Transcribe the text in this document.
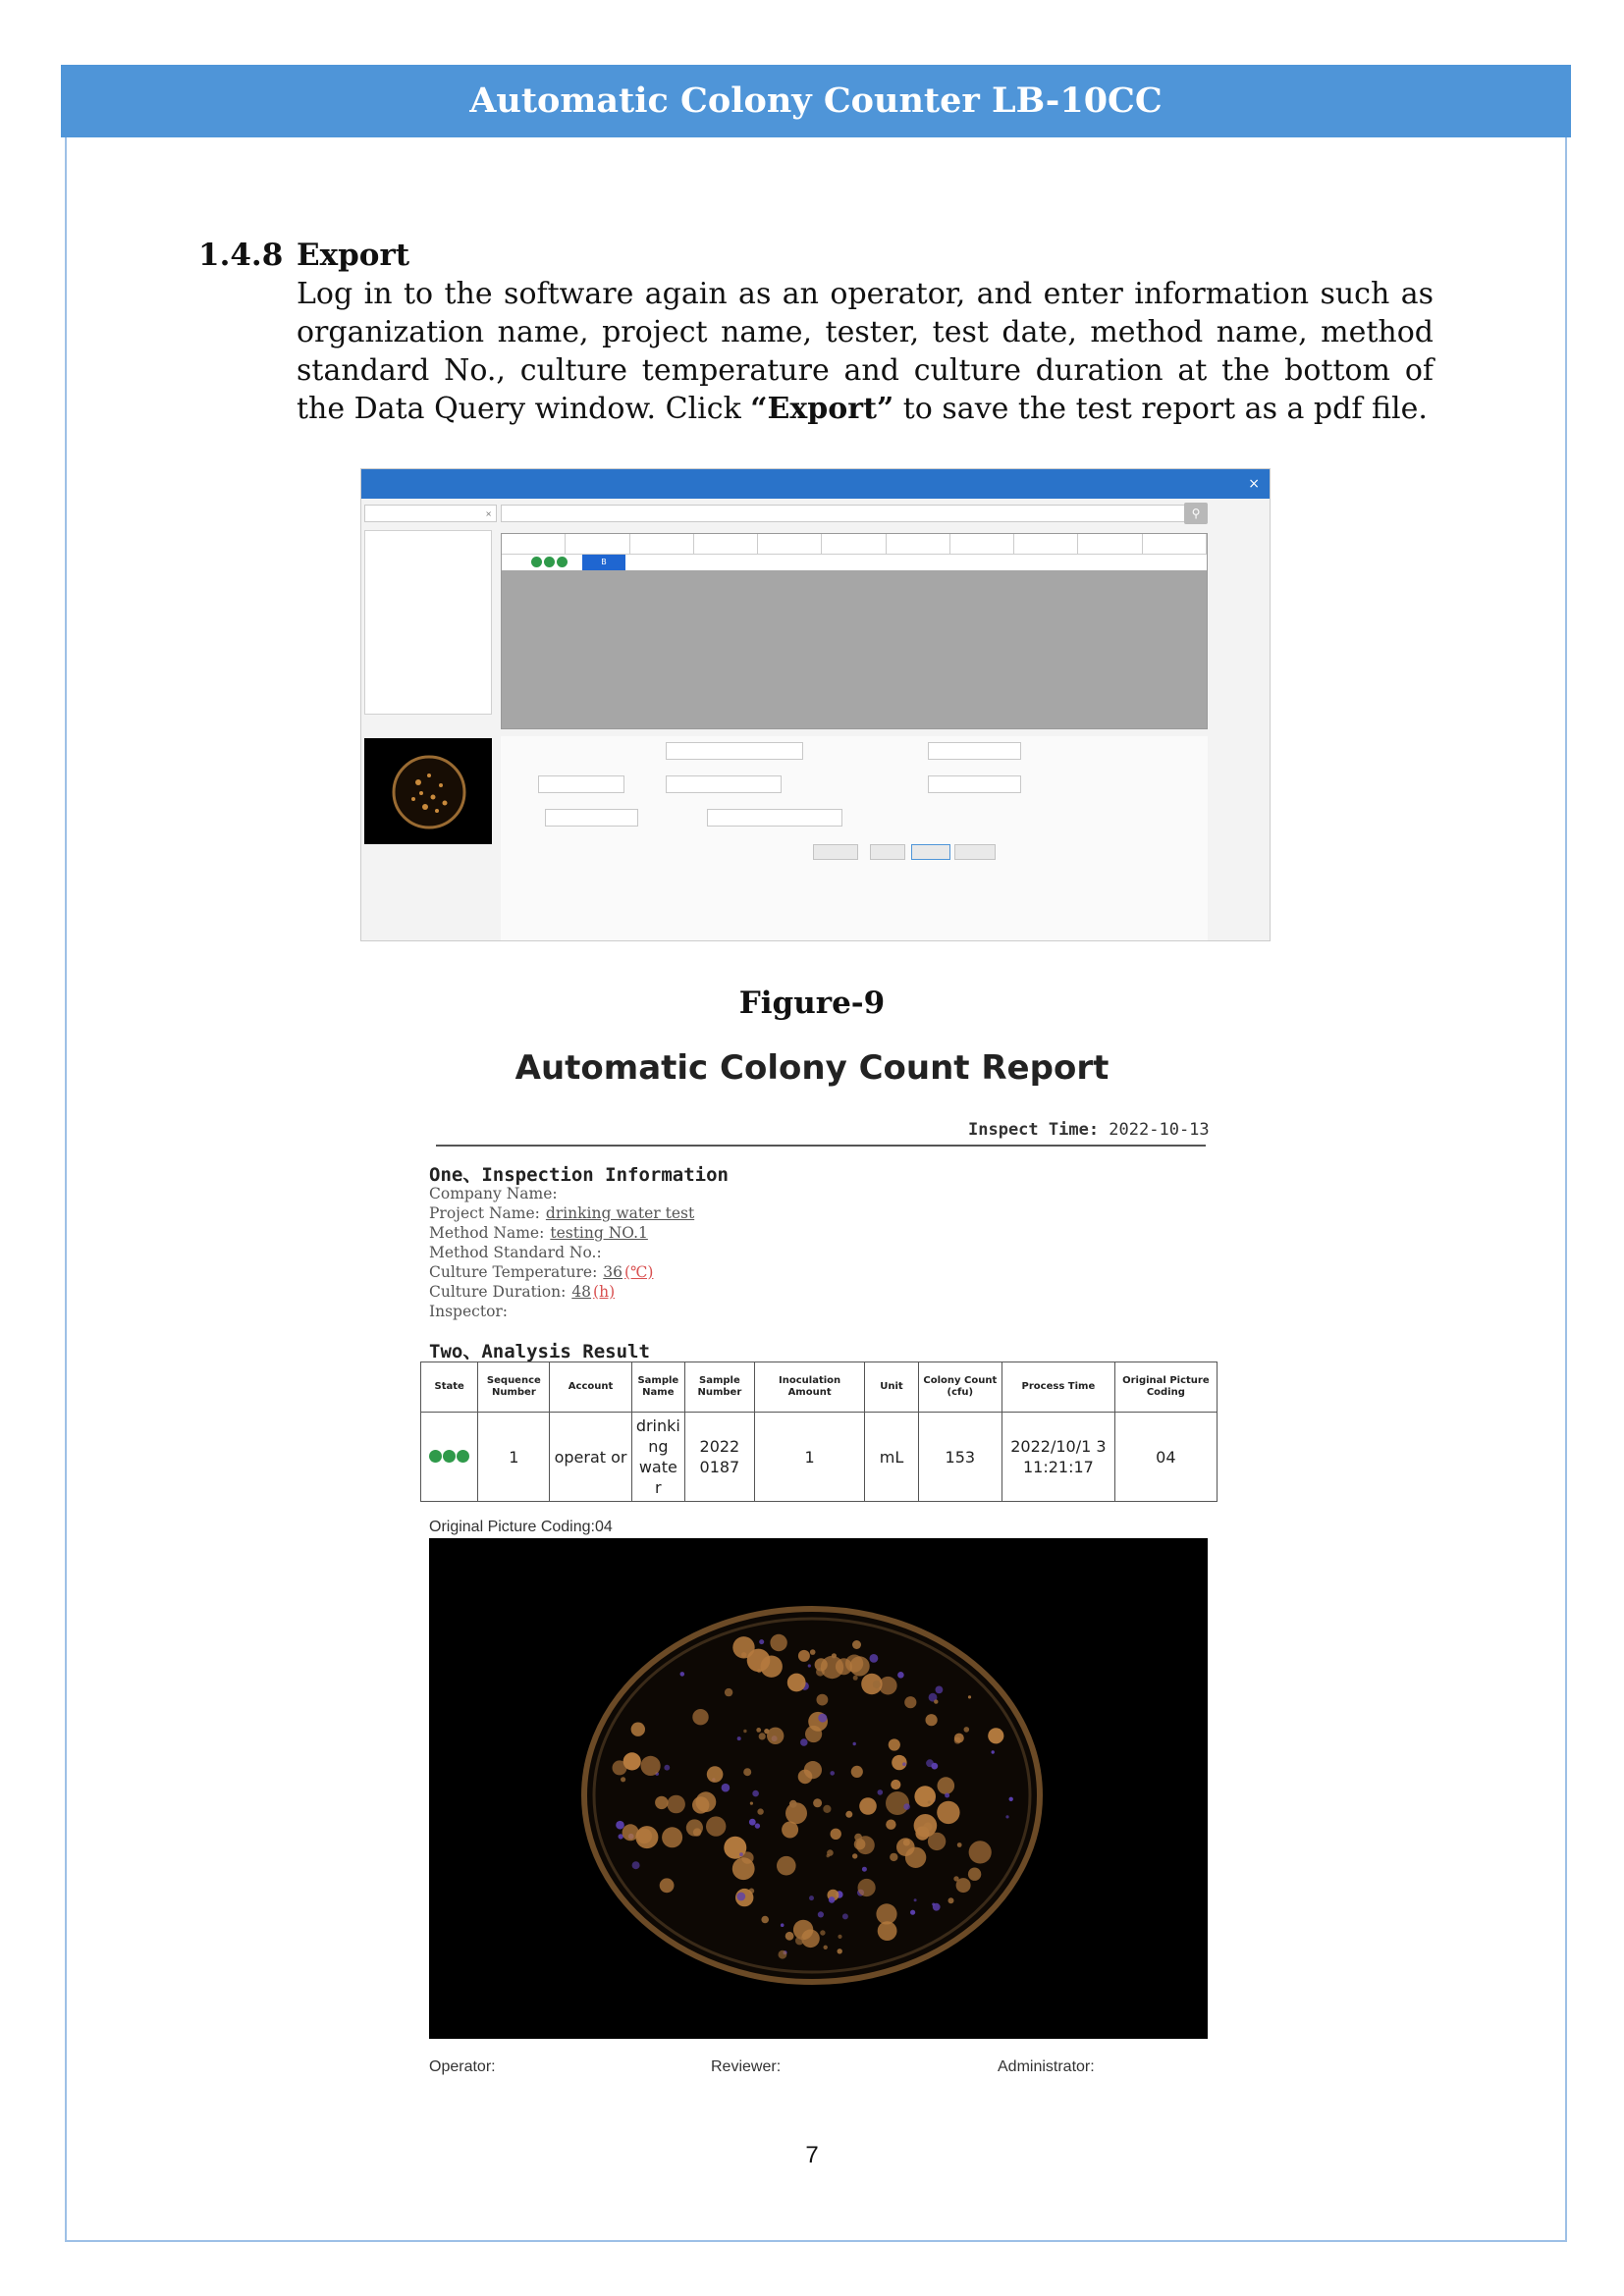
Automatic Colony Counter LB-10CC
1.4.8 Export
Log in to the software again as an operator, and enter information such as organization name, project name, tester, test date, method name, method standard No., culture temperature and culture duration at the bottom of the Data Query window. Click “Export” to save the test report as a pdf file.
×
×	⚲
B
Figure-9
Automatic Colony Count Report
Inspect Time: 2022-10-13
One、Inspection Information
Company Name:
Project Name: drinking water test
Method Name: testing NO.1
Method Standard No.:
Culture Temperature: 36 (℃)
Culture Duration: 48 (h)
Inspector:
Two、Analysis Result
State	Sequence Number	Account	Sample Name	Sample Number	Inoculation Amount	Unit	Colony Count (cfu)	Process Time	Original Picture Coding
	1	operat or	drinki ng wate r	2022 0187	1	mL	153	2022/10/1 3 11:21:17	04
Original Picture Coding:04
Operator:	Reviewer:	Administrator:
7
